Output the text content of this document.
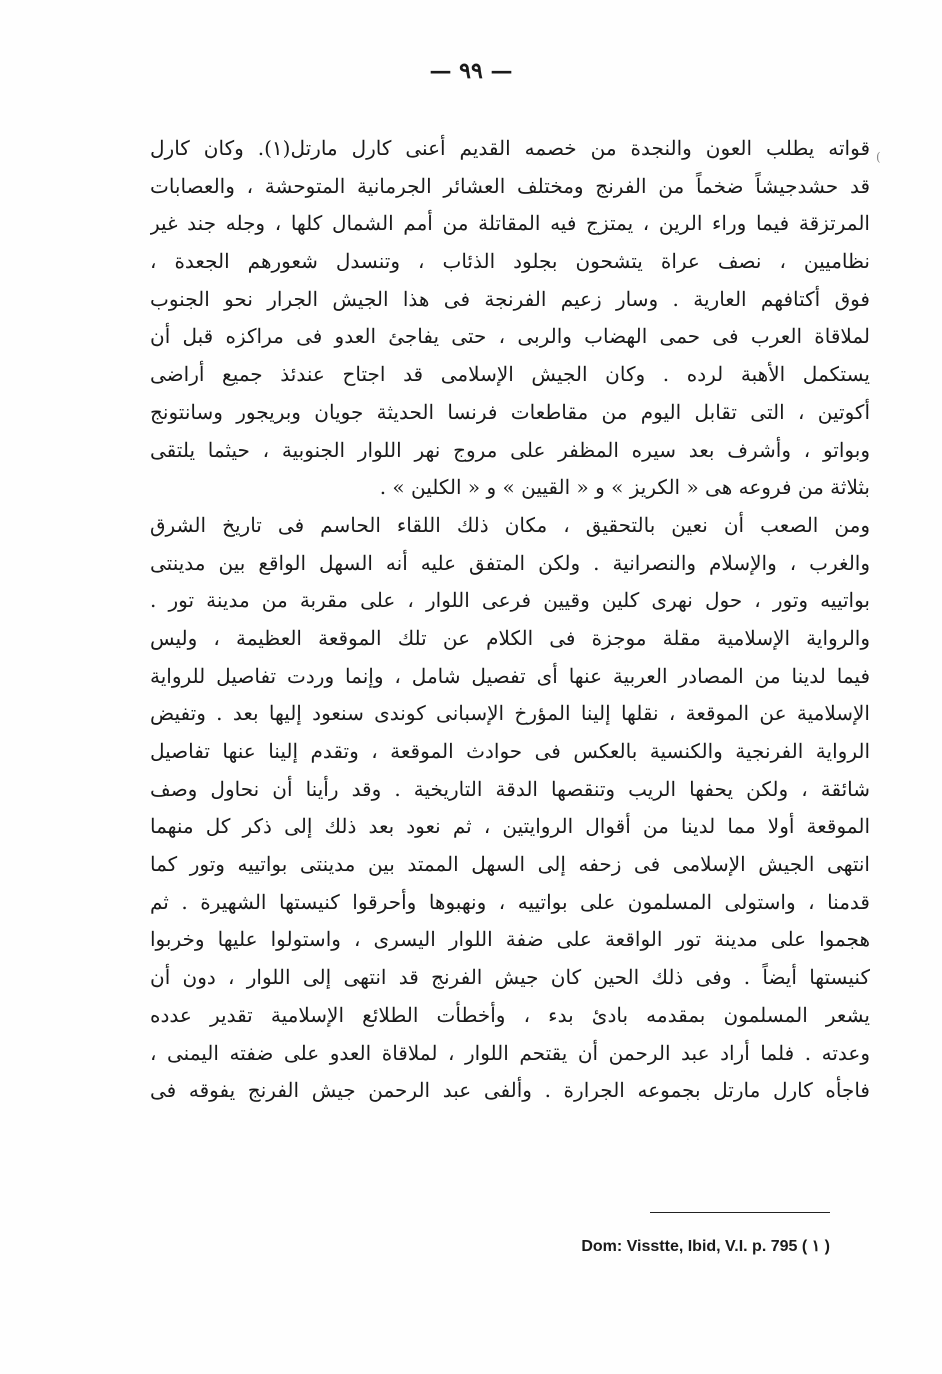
(
— ٩٩ —
قواته يطلب العون والنجدة من خصمه القديم أعنى كارل مارتل(١). وكان كارل
قد حشدجيشاً ضخماً من الفرنج ومختلف العشائر الجرمانية المتوحشة ، والعصابات
المرتزقة فيما وراء الرين ، يمتزج فيه المقاتلة من أمم الشمال كلها ، وجله جند غير
نظاميين ، نصف عراة يتشحون بجلود الذئاب ، وتنسدل شعورهم الجعدة ،
فوق أكتافهم العارية . وسار زعيم الفرنجة فى هذا الجيش الجرار نحو الجنوب
لملاقاة العرب فى حمى الهضاب والربى ، حتى يفاجئ العدو فى مراكزه قبل أن
يستكمل الأهبة لرده . وكان الجيش الإسلامى قد اجتاح عندئذ جميع أراضى
أكوتين ، التى تقابل اليوم من مقاطعات فرنسا الحديثة جويان وبريجور وسانتونج
وبواتو ، وأشرف بعد سيره المظفر على مروج نهر اللوار الجنوبية ، حيثما يلتقى
بثلاثة من فروعه هى « الكريز » و « القيين » و « الكلين » .
ومن الصعب أن نعين بالتحقيق ، مكان ذلك اللقاء الحاسم فى تاريخ الشرق
والغرب ، والإسلام والنصرانية . ولكن المتفق عليه أنه السهل الواقع بين مدينتى
بواتييه وتور ، حول نهرى كلين وقيين فرعى اللوار ، على مقربة من مدينة تور .
والرواية الإسلامية مقلة موجزة فى الكلام عن تلك الموقعة العظيمة ، وليس
فيما لدينا من المصادر العربية عنها أى تفصيل شامل ، وإنما وردت تفاصيل للرواية
الإسلامية عن الموقعة ، نقلها إلينا المؤرخ الإسبانى كوندى سنعود إليها بعد . وتفيض
الرواية الفرنجية والكنسية بالعكس فى حوادث الموقعة ، وتقدم إلينا عنها تفاصيل
شائقة ، ولكن يحفها الريب وتنقصها الدقة التاريخية . وقد رأينا أن نحاول وصف
الموقعة أولا مما لدينا من أقوال الروايتين ، ثم نعود بعد ذلك إلى ذكر كل منهما
انتهى الجيش الإسلامى فى زحفه إلى السهل الممتد بين مدينتى بواتييه وتور كما
قدمنا ، واستولى المسلمون على بواتييه ، ونهبوها وأحرقوا كنيستها الشهيرة . ثم
هجموا على مدينة تور الواقعة على ضفة اللوار اليسرى ، واستولوا عليها وخربوا
كنيستها أيضاً . وفى ذلك الحين كان جيش الفرنج قد انتهى إلى اللوار ، دون أن
يشعر المسلمون بمقدمه بادئ بدء ، وأخطأت الطلائع الإسلامية تقدير عدده
وعدته . فلما أراد عبد الرحمن أن يقتحم اللوار ، لملاقاة العدو على ضفته اليمنى ،
فاجأه كارل مارتل بجموعه الجرارة . وألفى عبد الرحمن جيش الفرنج يفوقه فى
Dom: Visstte, Ibid, V.I. p. 795 ( ١ )
